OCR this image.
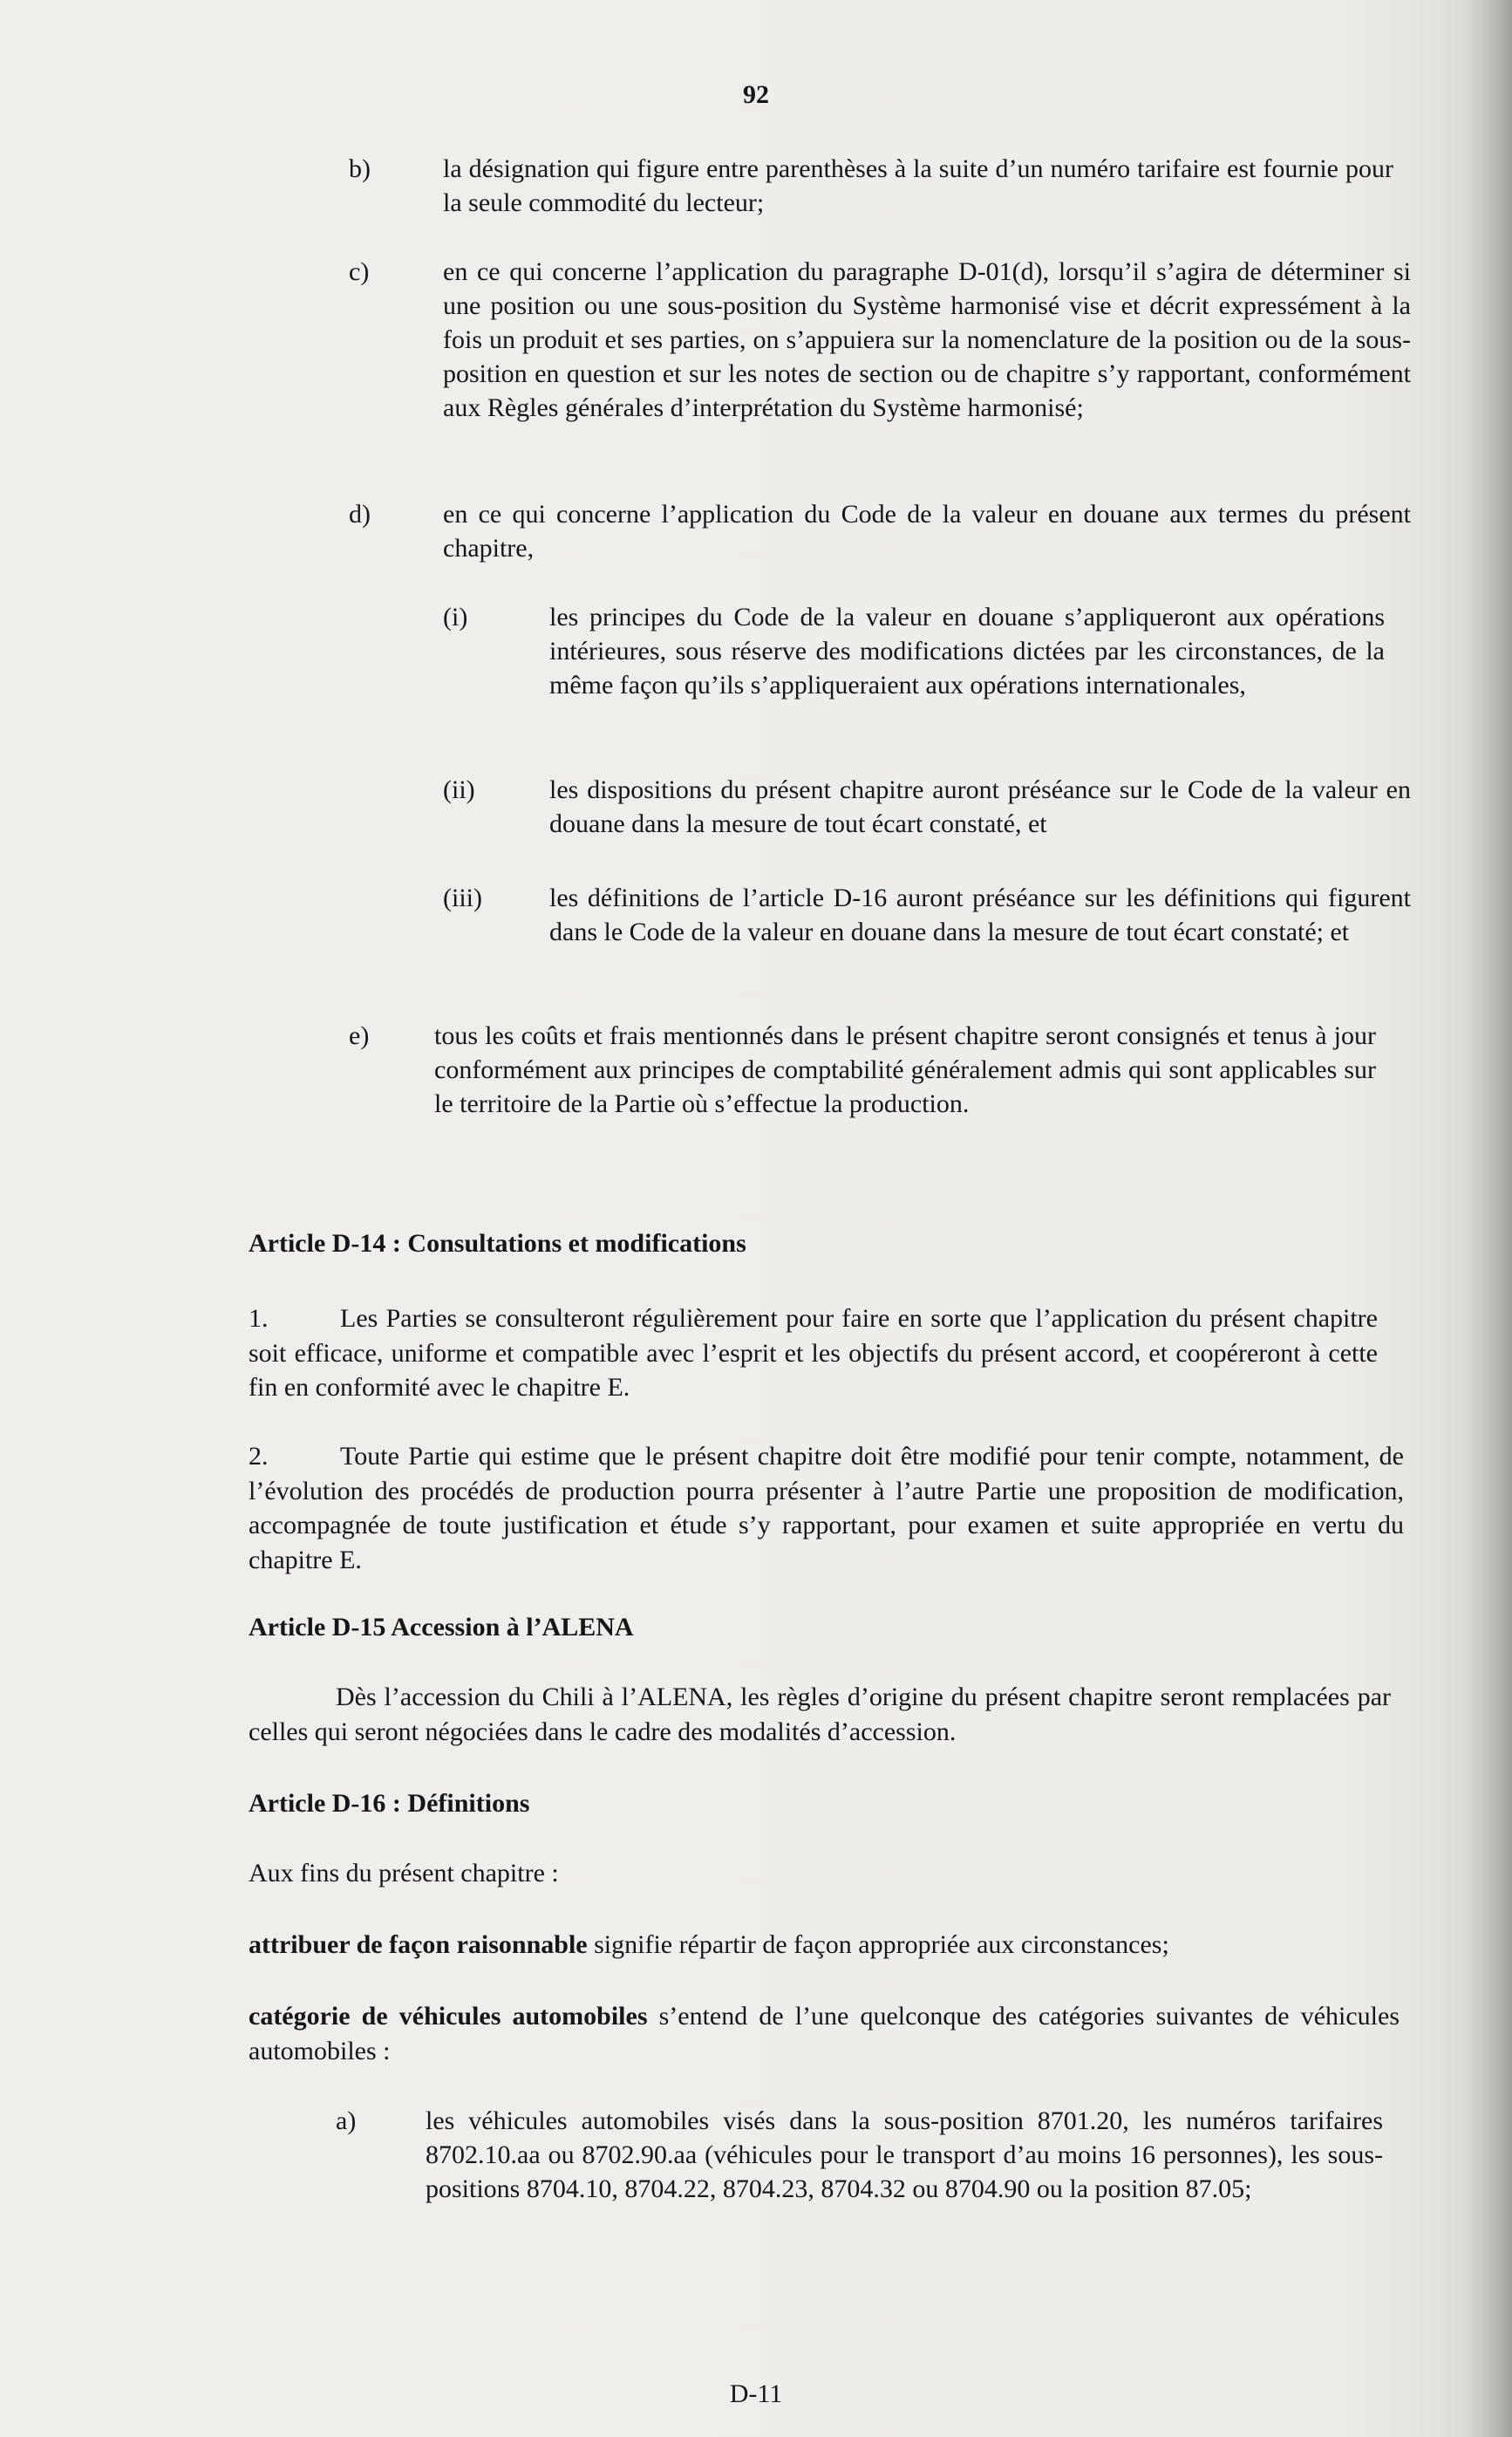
92
b)	la désignation qui figure entre parenthèses à la suite d’un numéro tarifaire est fournie pour la seule commodité du lecteur;
c)	en ce qui concerne l’application du paragraphe D-01(d), lorsqu’il s’agira de déterminer si une position ou une sous-position du Système harmonisé vise et décrit expressément à la fois un produit et ses parties, on s’appuiera sur la nomenclature de la position ou de la sous-position en question et sur les notes de section ou de chapitre s’y rapportant, conformément aux Règles générales d’interprétation du Système harmonisé;
d)	en ce qui concerne l’application du Code de la valeur en douane aux termes du présent chapitre,
(i)	les principes du Code de la valeur en douane s’appliqueront aux opérations intérieures, sous réserve des modifications dictées par les circonstances, de la même façon qu’ils s’appliqueraient aux opérations internationales,
(ii)	les dispositions du présent chapitre auront préséance sur le Code de la valeur en douane dans la mesure de tout écart constaté, et
(iii)	les définitions de l’article D-16 auront préséance sur les définitions qui figurent dans le Code de la valeur en douane dans la mesure de tout écart constaté; et
e) tous les coûts et frais mentionnés dans le présent chapitre seront consignés et tenus à jour conformément aux principes de comptabilité généralement admis qui sont applicables sur le territoire de la Partie où s’effectue la production.
Article D-14 : Consultations et modifications
1.	Les Parties se consulteront régulièrement pour faire en sorte que l’application du présent chapitre soit efficace, uniforme et compatible avec l’esprit et les objectifs du présent accord, et coopéreront à cette fin en conformité avec le chapitre E.
2.	Toute Partie qui estime que le présent chapitre doit être modifié pour tenir compte, notamment, de l’évolution des procédés de production pourra présenter à l’autre Partie une proposition de modification, accompagnée de toute justification et étude s’y rapportant, pour examen et suite appropriée en vertu du chapitre E.
Article D-15 Accession à l’ALENA
Dès l’accession du Chili à l’ALENA, les règles d’origine du présent chapitre seront remplacées par celles qui seront négociées dans le cadre des modalités d’accession.
Article D-16 : Définitions
Aux fins du présent chapitre :
attribuer de façon raisonnable signifie répartir de façon appropriée aux circonstances;
catégorie de véhicules automobiles s’entend de l’une quelconque des catégories suivantes de véhicules automobiles :
a)	les véhicules automobiles visés dans la sous-position 8701.20, les numéros tarifaires 8702.10.aa ou 8702.90.aa (véhicules pour le transport d’au moins 16 personnes), les sous-positions 8704.10, 8704.22, 8704.23, 8704.32 ou 8704.90 ou la position 87.05;
D-11
